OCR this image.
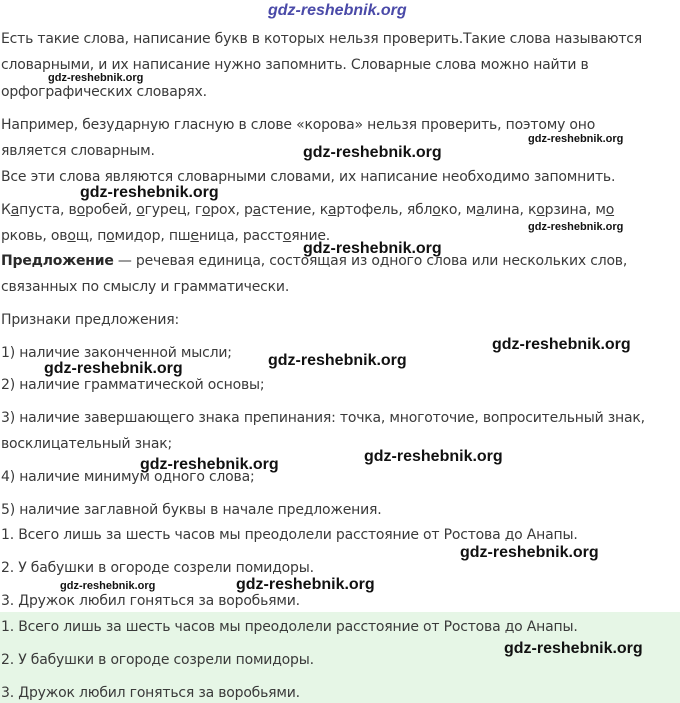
gdz-reshebnik.org
Есть такие слова, написание букв в которых нельзя проверить.Такие слова называются
словарными, и их написание нужно запомнить. Словарные слова можно найти в
орфографических словарях.
Например, безударную гласную в слове «корова» нельзя проверить, поэтому оно
является словарным.
Все эти слова являются словарными словами, их написание необходимо запомнить.
Капуста, воробей, огурец, горох, растение, картофель, яблоко, малина, корзина, мо
рковь, овощ, помидор, пшеница, расстояние.
Предложение — речевая единица, состоящая из одного слова или нескольких слов,
связанных по смыслу и грамматически.
Признаки предложения:
1) наличие законченной мысли;
2) наличие грамматической основы;
3) наличие завершающего знака препинания: точка, многоточие, вопросительный знак,
восклицательный знак;
4) наличие минимум одного слова;
5) наличие заглавной буквы в начале предложения.
1. Всего лишь за шесть часов мы преодолели расстояние от Ростова до Анапы.
2. У бабушки в огороде созрели помидоры.
3. Дружок любил гоняться за воробьями.
1. Всего лишь за шесть часов мы преодолели расстояние от Ростова до Анапы.
2. У бабушки в огороде созрели помидоры.
3. Дружок любил гоняться за воробьями.
gdz-reshebnik.org
gdz-reshebnik.org
gdz-reshebnik.org
gdz-reshebnik.org
gdz-reshebnik.org
gdz-reshebnik.org
gdz-reshebnik.org
gdz-reshebnik.org
gdz-reshebnik.org
gdz-reshebnik.org
gdz-reshebnik.org
gdz-reshebnik.org
gdz-reshebnik.org	gdz-reshebnik.org
gdz-reshebnik.org
